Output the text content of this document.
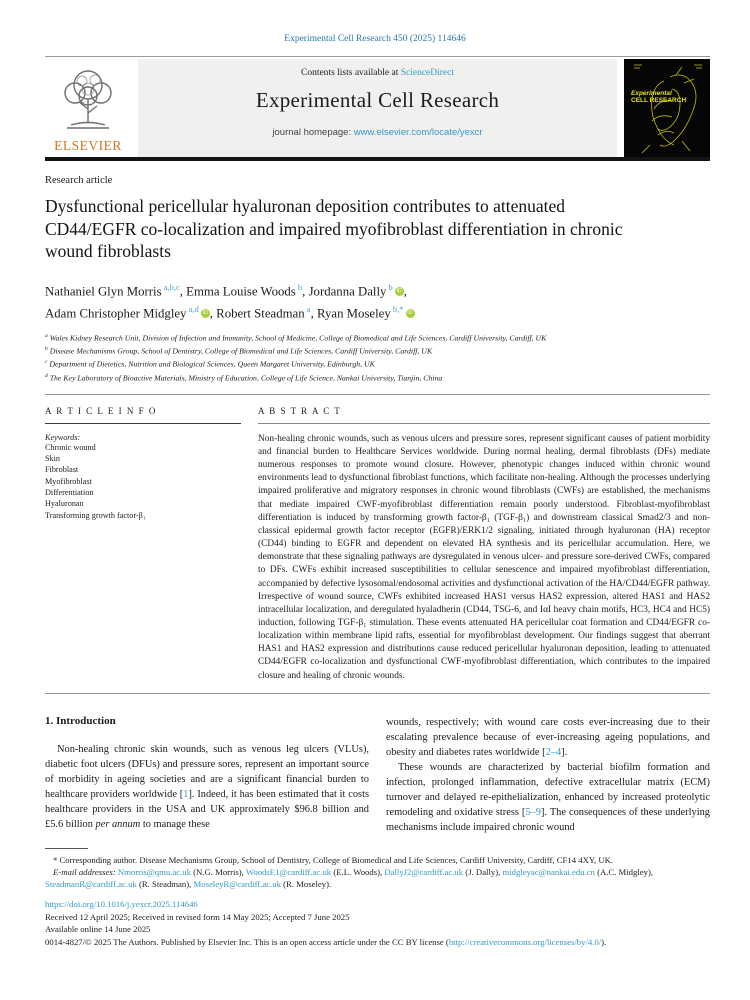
Experimental Cell Research 450 (2025) 114646
ELSEVIER
Contents lists available at ScienceDirect
Experimental Cell Research
journal homepage: www.elsevier.com/locate/yexcr
Experimental
CELL RESEARCH
Research article
Dysfunctional pericellular hyaluronan deposition contributes to attenuated CD44/EGFR co-localization and impaired myofibroblast differentiation in chronic wound fibroblasts
Nathaniel Glyn Morris $^{a,b,c}$, Emma Louise Woods $^b$, Jordanna Dally $^b$ iD ,
Adam Christopher Midgley $^{a,d}$ iD , Robert Steadman $^a$, Ryan Moseley $^{b,*}$ iD
$^a$ Wales Kidney Research Unit, Division of Infection and Immunity, School of Medicine, College of Biomedical and Life Sciences, Cardiff University, Cardiff, UK
$^b$ Disease Mechanisms Group, School of Dentistry, College of Biomedical and Life Sciences, Cardiff University, Cardiff, UK
$^c$ Department of Dietetics, Nutrition and Biological Sciences, Queen Margaret University, Edinburgh, UK
$^d$ The Key Laboratory of Bioactive Materials, Ministry of Education, College of Life Science, Nankai University, Tianjin, China
A R T I C L E I N F O
Keywords:
Chronic wound
Skin
Fibroblast
Myofibroblast
Differentiation
Hyaluronan
Transforming growth factor-β₁
A B S T R A C T
Non-healing chronic wounds, such as venous ulcers and pressure sores, represent significant causes of patient morbidity and financial burden to Healthcare Services worldwide. During normal healing, dermal fibroblasts (DFs) mediate numerous responses to promote wound closure. However, phenotypic changes induced within chronic wound environments lead to dysfunctional fibroblast functions, which facilitate non-healing. Although the processes underlying impaired proliferative and migratory responses in chronic wound fibroblasts (CWFs) are established, the mechanisms that mediate impaired CWF-myofibroblast differentiation remain poorly understood. Fibroblast-myofibroblast differentiation is induced by transforming growth factor-β₁ (TGF-β₁) and downstream classical Smad2/3 and non-classical epidermal growth factor receptor (EGFR)/ERK1/2 signaling, initiated through hyaluronan (HA) receptor (CD44) binding to EGFR and dependent on elevated HA synthesis and its pericellular accumulation. Here, we demonstrate that these signaling pathways are dysregulated in venous ulcer- and pressure sore-derived CWFs, compared to DFs. CWFs exhibit increased susceptibilities to cellular senescence and impaired myofibroblast differentiation, accompanied by defective lysosomal/endosomal activities and dysfunctional activation of the HA/CD44/EGFR pathway. Irrespective of wound source, CWFs exhibited increased HAS1 versus HAS2 expression, altered HAS1 and HAS2 intracellular localization, and deregulated hyaladherin (CD44, TSG-6, and IαI heavy chain motifs, HC3, HC4 and HC5) induction, following TGF-β₁ stimulation. These events attenuated HA pericellular coat formation and CD44/EGFR co-localization within membrane lipid rafts, essential for myofibroblast development. Our findings suggest that aberrant HAS1 and HAS2 expression and distributions cause reduced pericellular hyaluronan deposition, leading to attenuated CD44/EGFR co-localization and dysfunctional CWF-myofibroblast differentiation, which contributes to the impaired closure and healing of chronic wounds.
1. Introduction

Non-healing chronic skin wounds, such as venous leg ulcers (VLUs), diabetic foot ulcers (DFUs) and pressure sores, represent an important source of morbidity in ageing societies and are a significant financial burden to healthcare providers worldwide [1]. Indeed, it has been estimated that it costs healthcare providers in the USA and UK approximately $96.8 billion and £5.6 billion per annum to manage these

wounds, respectively; with wound care costs ever-increasing due to their escalating prevalence because of ever-increasing ageing populations, and obesity and diabetes rates worldwide [2–4].

These wounds are characterized by bacterial biofilm formation and infection, prolonged inflammation, defective extracellular matrix (ECM) turnover and delayed re-epithelialization, enhanced by increased proteolytic remodeling and oxidative stress [5–9]. The consequences of these underlying mechanisms include impaired chronic wound

* Corresponding author. Disease Mechanisms Group, School of Dentistry, College of Biomedical and Life Sciences, Cardiff University, Cardiff, CF14 4XY, UK.

E-mail addresses: Nmorris@qmu.ac.uk (N.G. Morris), WoodsE1@cardiff.ac.uk (E.L. Woods), DallyJ2@cardiff.ac.uk (J. Dally), midgleyac@nankai.edu.cn (A.C. Midgley), SteadmanR@cardiff.ac.uk (R. Steadman), MoseleyR@cardiff.ac.uk (R. Moseley).

https://doi.org/10.1016/j.yexcr.2025.114646
Received 12 April 2025; Received in revised form 14 May 2025; Accepted 7 June 2025
Available online 14 June 2025
0014-4827/© 2025 The Authors. Published by Elsevier Inc. This is an open access article under the CC BY license (http://creativecommons.org/licenses/by/4.0/).
